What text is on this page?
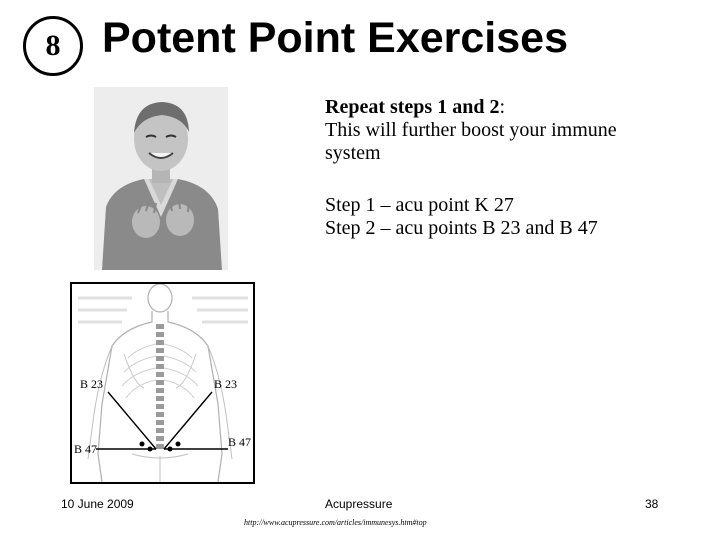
8 Potent Point Exercises
B 23	B 23
B 47	B 47

Repeat steps 1 and 2:

This will further boost your immune

system

Step 1 – acu point K 27

Step 2 – acu points B 23 and B 47

10 June 2009	Acupressure	38
http://www.acupressure.com/articles/immunesys.htm#top
